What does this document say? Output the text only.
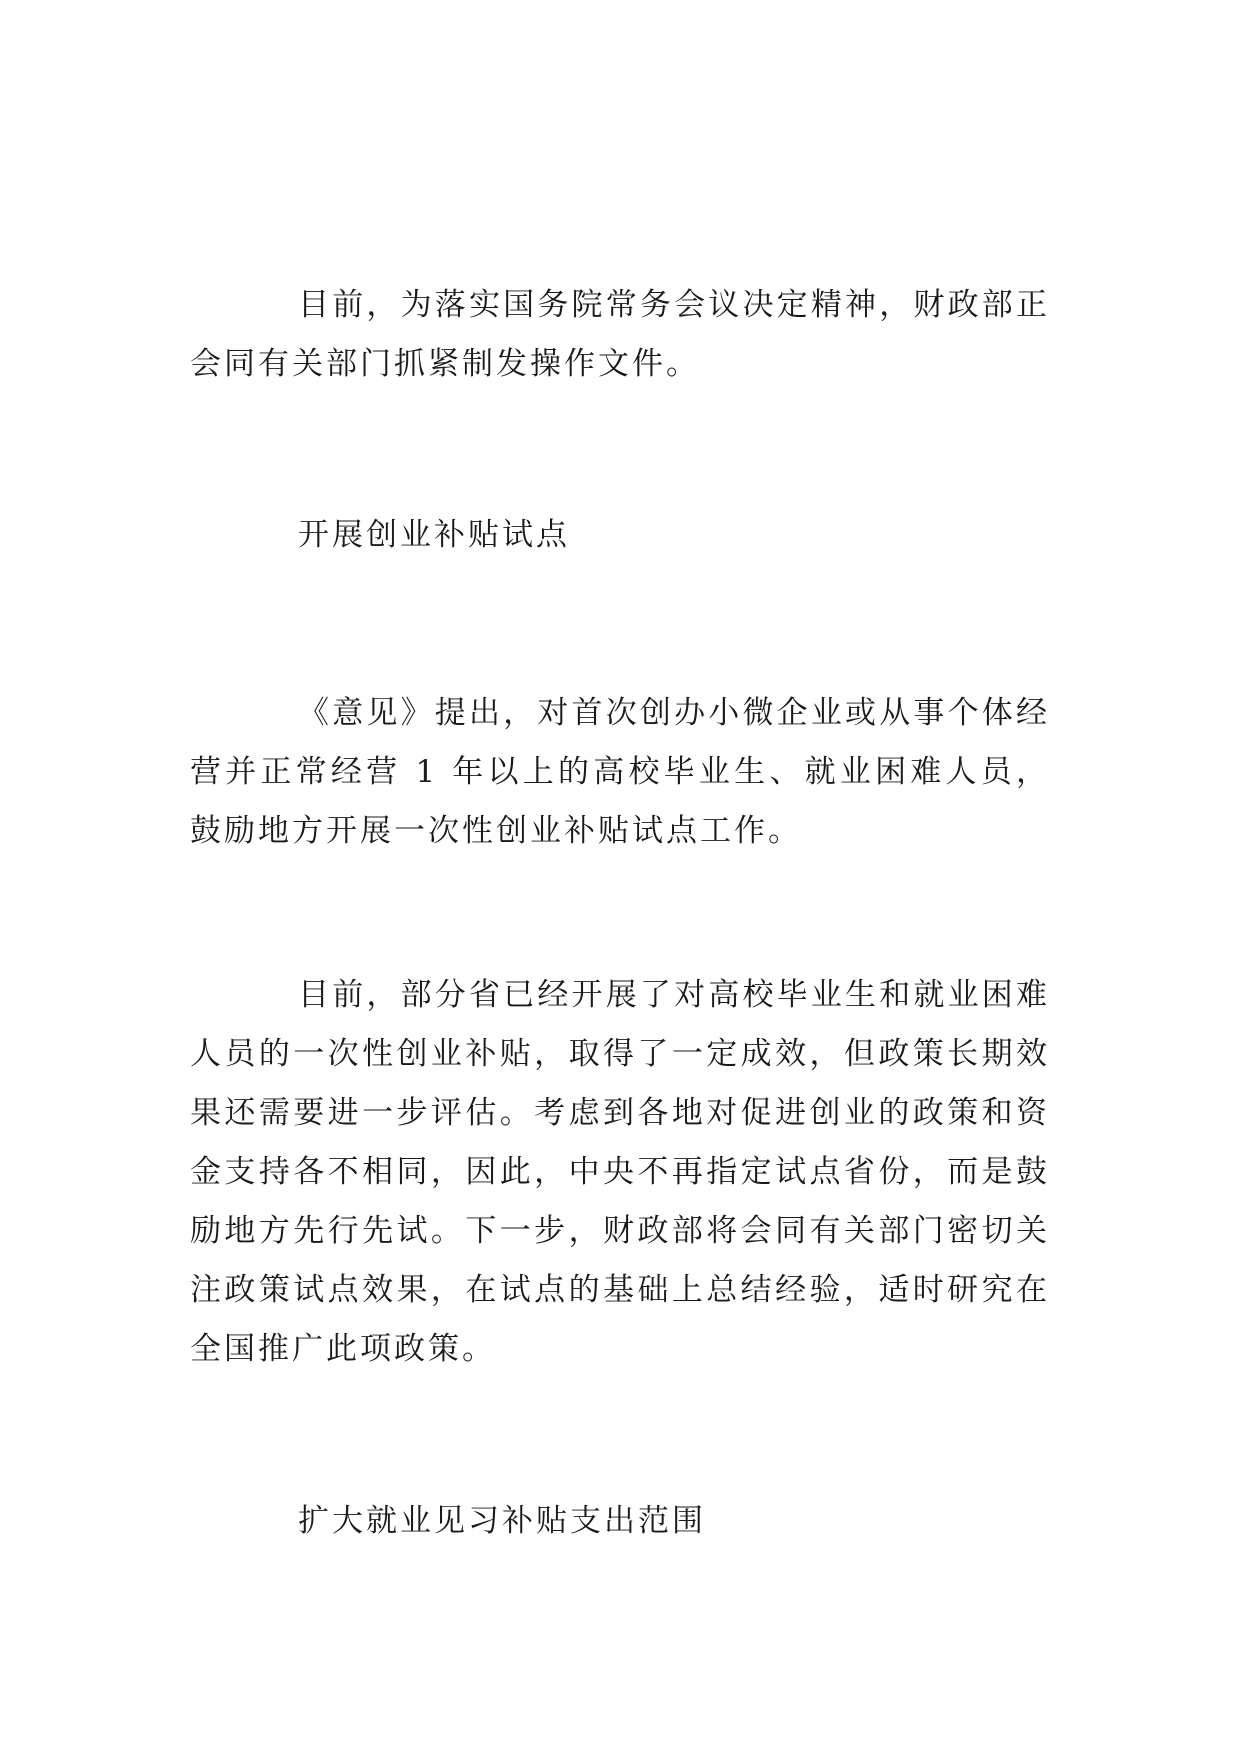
目前，为落实国务院常务会议决定精神，财政部正会同有关部门抓紧制发操作文件。

开展创业补贴试点

《意见》提出，对首次创办小微企业或从事个体经营并正常经营 1 年以上的高校毕业生、就业困难人员，鼓励地方开展一次性创业补贴试点工作。

目前，部分省已经开展了对高校毕业生和就业困难人员的一次性创业补贴，取得了一定成效，但政策长期效果还需要进一步评估。考虑到各地对促进创业的政策和资金支持各不相同，因此，中央不再指定试点省份，而是鼓励地方先行先试。下一步，财政部将会同有关部门密切关注政策试点效果，在试点的基础上总结经验，适时研究在全国推广此项政策。

扩大就业见习补贴支出范围
